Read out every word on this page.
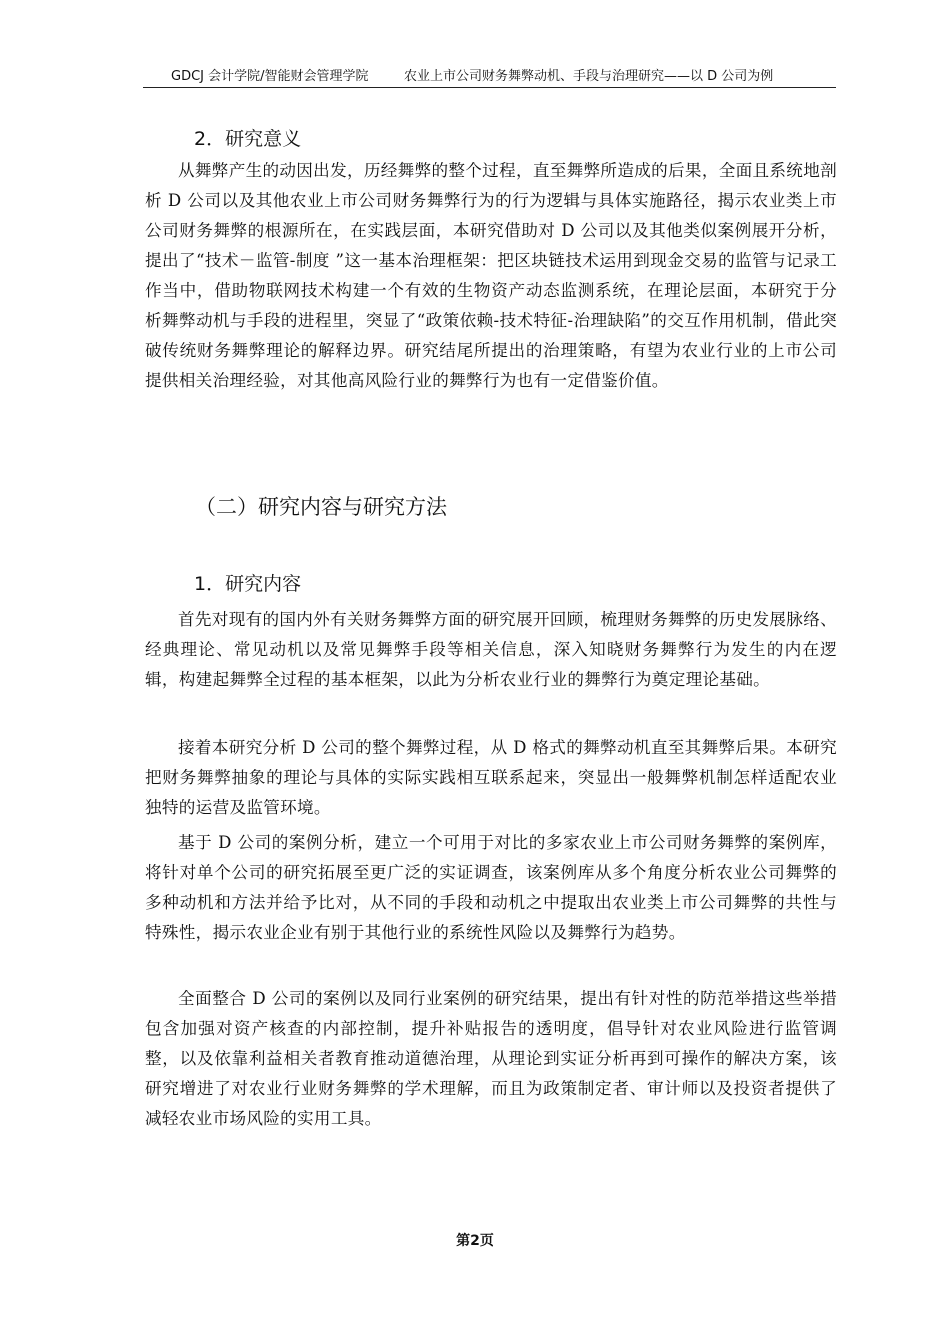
GDCJ 会计学院/智能财会管理学院	农业上市公司财务舞弊动机、手段与治理研究——以 D 公司为例
2．研究意义

从舞弊产生的动因出发，历经舞弊的整个过程，直至舞弊所造成的后果，全面且系统地剖析 D 公司以及其他农业上市公司财务舞弊行为的行为逻辑与具体实施路径，揭示农业类上市公司财务舞弊的根源所在，在实践层面，本研究借助对 D 公司以及其他类似案例展开分析，提出了“技术－监管-制度 ”这一基本治理框架：把区块链技术运用到现金交易的监管与记录工作当中，借助物联网技术构建一个有效的生物资产动态监测系统，在理论层面，本研究于分析舞弊动机与手段的进程里，突显了“政策依赖-技术特征-治理缺陷”的交互作用机制，借此突破传统财务舞弊理论的解释边界。研究结尾所提出的治理策略，有望为农业行业的上市公司提供相关治理经验，对其他高风险行业的舞弊行为也有一定借鉴价值。

（二）研究内容与研究方法
1．研究内容

首先对现有的国内外有关财务舞弊方面的研究展开回顾，梳理财务舞弊的历史发展脉络、经典理论、常见动机以及常见舞弊手段等相关信息，深入知晓财务舞弊行为发生的内在逻辑，构建起舞弊全过程的基本框架，以此为分析农业行业的舞弊行为奠定理论基础。

接着本研究分析 D 公司的整个舞弊过程，从 D 格式的舞弊动机直至其舞弊后果。本研究把财务舞弊抽象的理论与具体的实际实践相互联系起来，突显出一般舞弊机制怎样适配农业独特的运营及监管环境。

基于 D 公司的案例分析，建立一个可用于对比的多家农业上市公司财务舞弊的案例库，将针对单个公司的研究拓展至更广泛的实证调查，该案例库从多个角度分析农业公司舞弊的多种动机和方法并给予比对，从不同的手段和动机之中提取出农业类上市公司舞弊的共性与特殊性，揭示农业企业有别于其他行业的系统性风险以及舞弊行为趋势。

全面整合 D 公司的案例以及同行业案例的研究结果，提出有针对性的防范举措这些举措包含加强对资产核查的内部控制，提升补贴报告的透明度，倡导针对农业风险进行监管调整，以及依靠利益相关者教育推动道德治理，从理论到实证分析再到可操作的解决方案，该研究增进了对农业行业财务舞弊的学术理解，而且为政策制定者、审计师以及投资者提供了减轻农业市场风险的实用工具。

第2页
